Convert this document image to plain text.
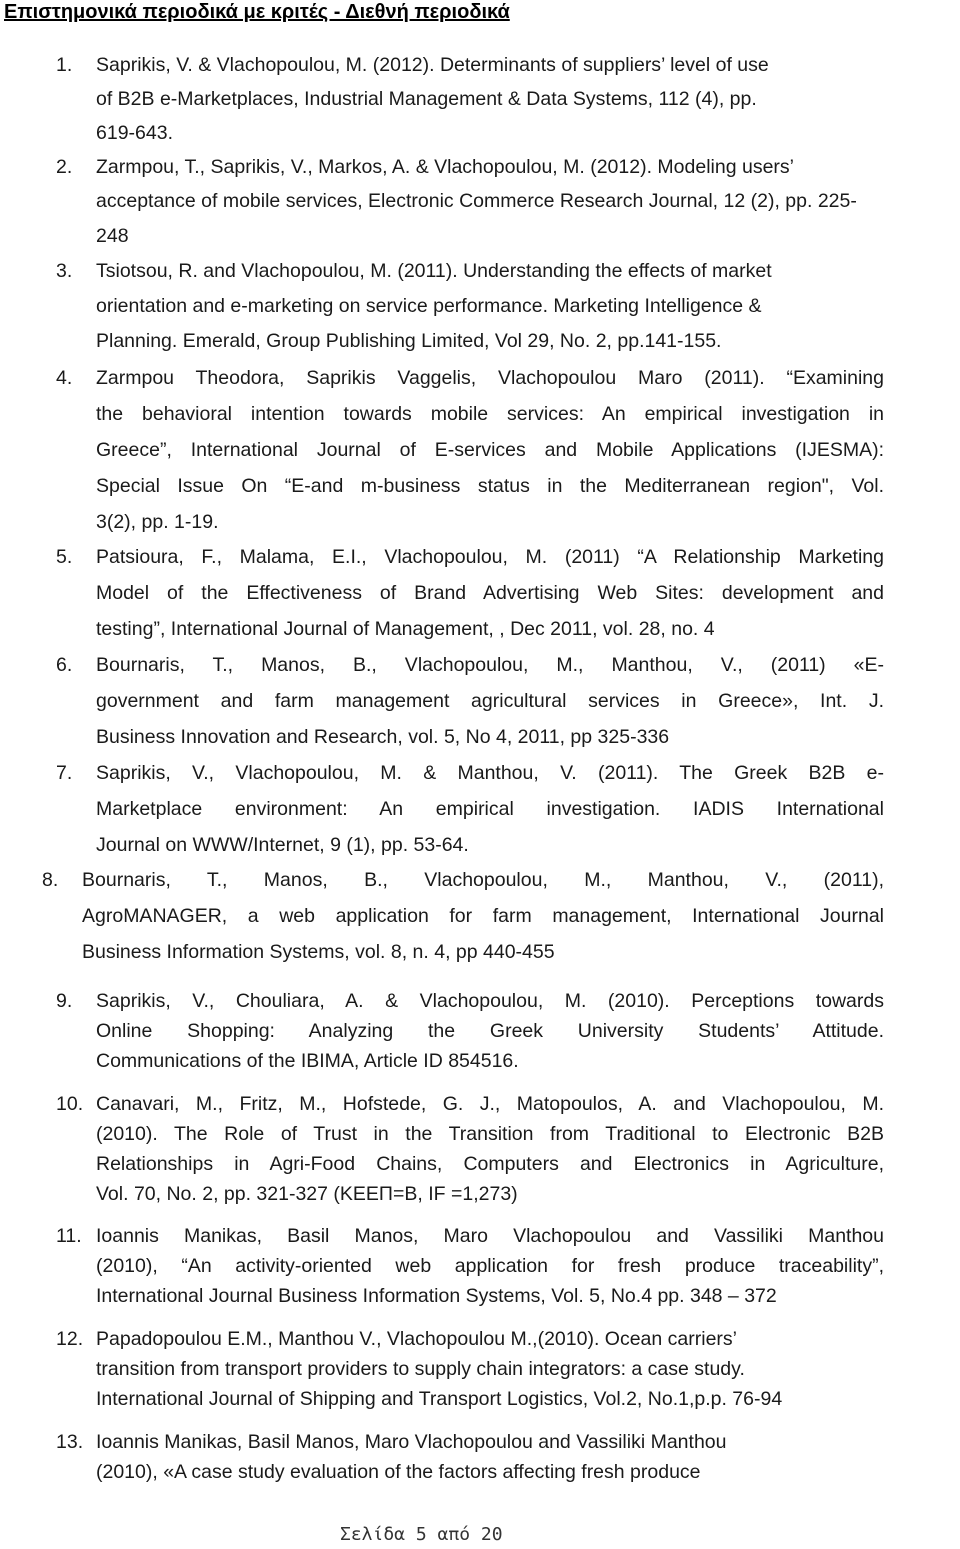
Επιστημονικά περιοδικά με κριτές - Διεθνή περιοδικά
1. Saprikis, V. & Vlachopoulou, M. (2012). Determinants of suppliers’ level of use
of B2B e-Marketplaces, Industrial Management & Data Systems, 112 (4), pp.
619-643.
2. Zarmpou, T., Saprikis, V., Markos, A. & Vlachopoulou, M. (2012). Modeling users’
acceptance of mobile services, Electronic Commerce Research Journal, 12 (2), pp. 225-
248
3. Tsiotsou, R. and Vlachopoulou, M. (2011). Understanding the effects of market
orientation and e-marketing on service performance. Marketing Intelligence &
Planning. Emerald, Group Publishing Limited, Vol 29, No. 2, pp.141-155.
4. Zarmpou Theodora, Saprikis Vaggelis, Vlachopoulou Maro (2011). “Examining
the behavioral intention towards mobile services: An empirical investigation in
Greece”, International Journal of E-services and Mobile Applications (IJESMA):
Special Issue On “E-and m-business status in the Mediterranean region", Vol.
3(2), pp. 1-19.
5. Patsioura, F., Malama, E.I., Vlachopoulou, M. (2011) “A Relationship Marketing
Model of the Effectiveness of Brand Advertising Web Sites: development and
testing”, International Journal of Management, , Dec 2011, vol. 28, no. 4
6. Bournaris, T., Manos, B., Vlachopoulou, M., Manthou, V., (2011) «E-
government and farm management agricultural services in Greece», Int. J.
Business Innovation and Research, vol. 5, No 4, 2011, pp 325-336
7. Saprikis, V., Vlachopoulou, M. & Manthou, V. (2011). The Greek B2B e-
Marketplace environment: An empirical investigation. IADIS International
Journal on WWW/Internet, 9 (1), pp. 53-64.
8. Bournaris, T., Manos, B., Vlachopoulou, M., Manthou, V., (2011),
AgroMANAGER, a web application for farm management, International Journal
Business Information Systems, vol. 8, n. 4, pp 440-455
9. Saprikis, V., Chouliara, A. & Vlachopoulou, M. (2010). Perceptions towards
Online Shopping: Analyzing the Greek University Students’ Attitude.
Communications of the IBIMA, Article ID 854516.
10. Canavari, M., Fritz, M., Hofstede, G. J., Matopoulos, A. and Vlachopoulou, M.
(2010). The Role of Trust in the Transition from Traditional to Electronic B2B
Relationships in Agri-Food Chains, Computers and Electronics in Agriculture,
Vol. 70, No. 2, pp. 321-327 (ΚΕΕΠ=Β, IF =1,273)
11. Ioannis Manikas, Basil Manos, Maro Vlachopoulou and Vassiliki Manthou
(2010), “An activity-oriented web application for fresh produce traceability”,
International Journal Business Information Systems, Vol. 5, No.4 pp. 348 – 372
12. Papadopoulou E.M., Manthou V., Vlachopoulou M.,(2010). Ocean carriers’
transition from transport providers to supply chain integrators: a case study.
International Journal of Shipping and Transport Logistics, Vol.2, No.1,p.p. 76-94
13. Ioannis Manikas, Basil Manos, Maro Vlachopoulou and Vassiliki Manthou
(2010), «A case study evaluation of the factors affecting fresh produce
Σελίδα 5 από 20
